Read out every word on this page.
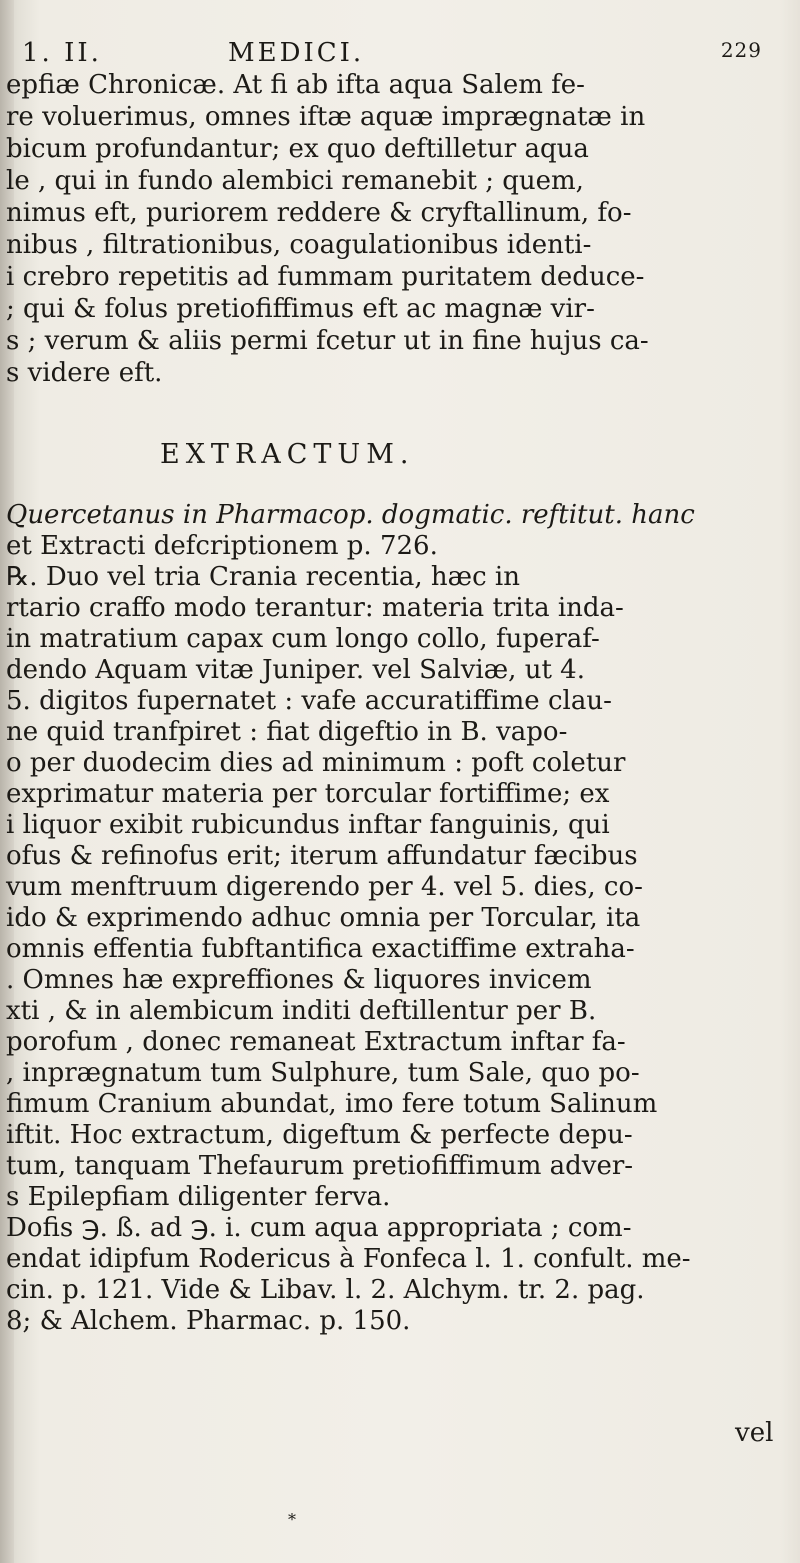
1. II.	MEDICI.	229
epfiæ Chronicæ. At fi ab ifta aqua Salem fe-
re voluerimus, omnes iftæ aquæ imprægnatæ in
bicum profundantur; ex quo deftilletur aqua
le , qui in fundo alembici remanebit ; quem,
nimus eft, puriorem reddere & cryftallinum, fo-
nibus , filtrationibus, coagulationibus identi-
i crebro repetitis ad fummam puritatem deduce-
; qui & folus pretiofiffimus eft ac magnæ vir-
s ; verum & aliis permi fcetur ut in fine hujus ca-
s videre eft.
EXTRACTUM.
Quercetanus in Pharmacop. dogmatic. reftitut. hanc
et Extracti defcriptionem p. 726.
℞. Duo vel tria Crania recentia, hæc in
rtario craffo modo terantur: materia trita inda-
in matratium capax cum longo collo, fuperaf-
dendo Aquam vitæ Juniper. vel Salviæ, ut 4.
5. digitos fupernatet : vafe accuratiffime clau-
ne quid tranfpiret : fiat digeftio in B. vapo-
o per duodecim dies ad minimum : poft coletur
exprimatur materia per torcular fortiffime; ex
i liquor exibit rubicundus inftar fanguinis, qui
ofus & refinofus erit; iterum affundatur fæcibus
vum menftruum digerendo per 4. vel 5. dies, co-
ido & exprimendo adhuc omnia per Torcular, ita
omnis effentia fubftantifica exactiffime extraha-
. Omnes hæ expreffiones & liquores invicem
xti , & in alembicum inditi deftillentur per B.
porofum , donec remaneat Extractum inftar fa-
, inprægnatum tum Sulphure, tum Sale, quo po-
fimum Cranium abundat, imo fere totum Salinum
iftit. Hoc extractum, digeftum & perfecte depu-
tum, tanquam Thefaurum pretiofiffimum adver-
s Epilepfiam diligenter ferva.
Dofis ℈. ß. ad ℈. i. cum aqua appropriata ; com-
endat idipfum Rodericus à Fonfeca l. 1. confult. me-
cin. p. 121. Vide & Libav. l. 2. Alchym. tr. 2. pag.
8; & Alchem. Pharmac. p. 150.
vel
*
